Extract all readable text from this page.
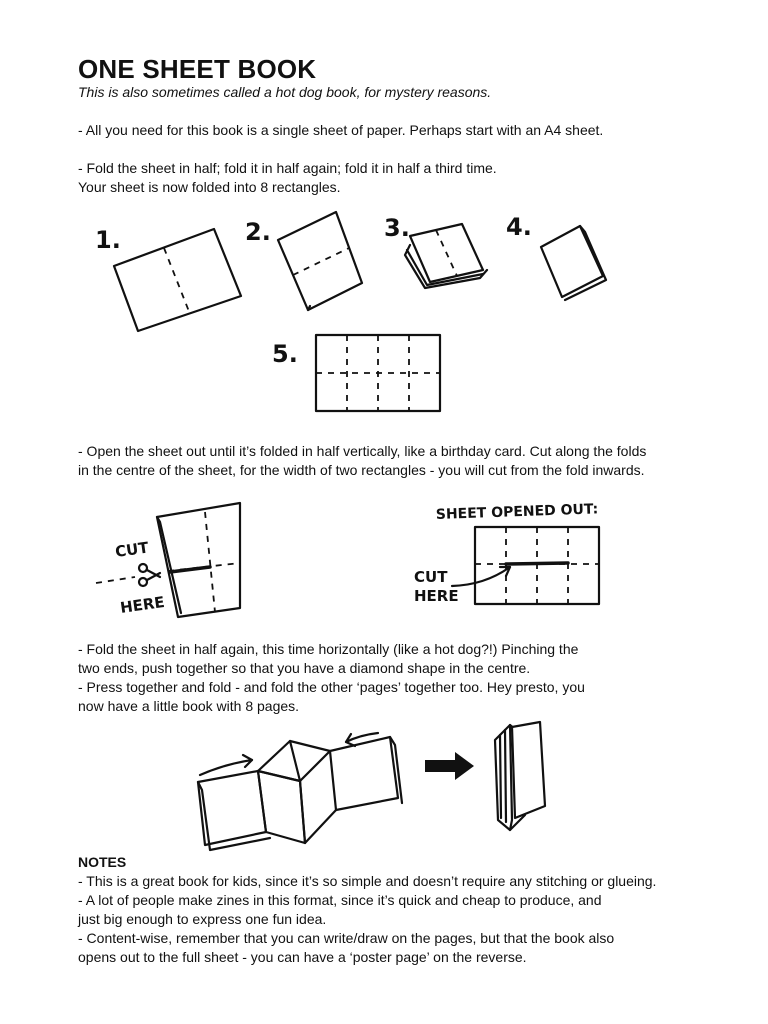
ONE SHEET BOOK

This is also sometimes called a hot dog book, for mystery reasons.

- All you need for this book is a single sheet of paper. Perhaps start with an A4 sheet.

- Fold the sheet in half; fold it in half again; fold it in half a third time.

Your sheet is now folded into 8 rectangles.

1.	2.	3.	4.
5.

- Open the sheet out until it’s folded in half vertically, like a birthday card. Cut along the folds

in the centre of the sheet, for the width of two rectangles - you will cut from the fold inwards.

CUT
HERE
SHEET OPENED OUT:
CUT
HERE

- Fold the sheet in half again, this time horizontally (like a hot dog?!) Pinching the

two ends, push together so that you have a diamond shape in the centre.

- Press together and fold - and fold the other ‘pages’ together too. Hey presto, you

now have a little book with 8 pages.

NOTES

- This is a great book for kids, since it’s so simple and doesn’t require any stitching or glueing.

- A lot of people make zines in this format, since it’s quick and cheap to produce, and

just big enough to express one fun idea.

- Content-wise, remember that you can write/draw on the pages, but that the book also

opens out to the full sheet - you can have a ‘poster page’ on the reverse.
